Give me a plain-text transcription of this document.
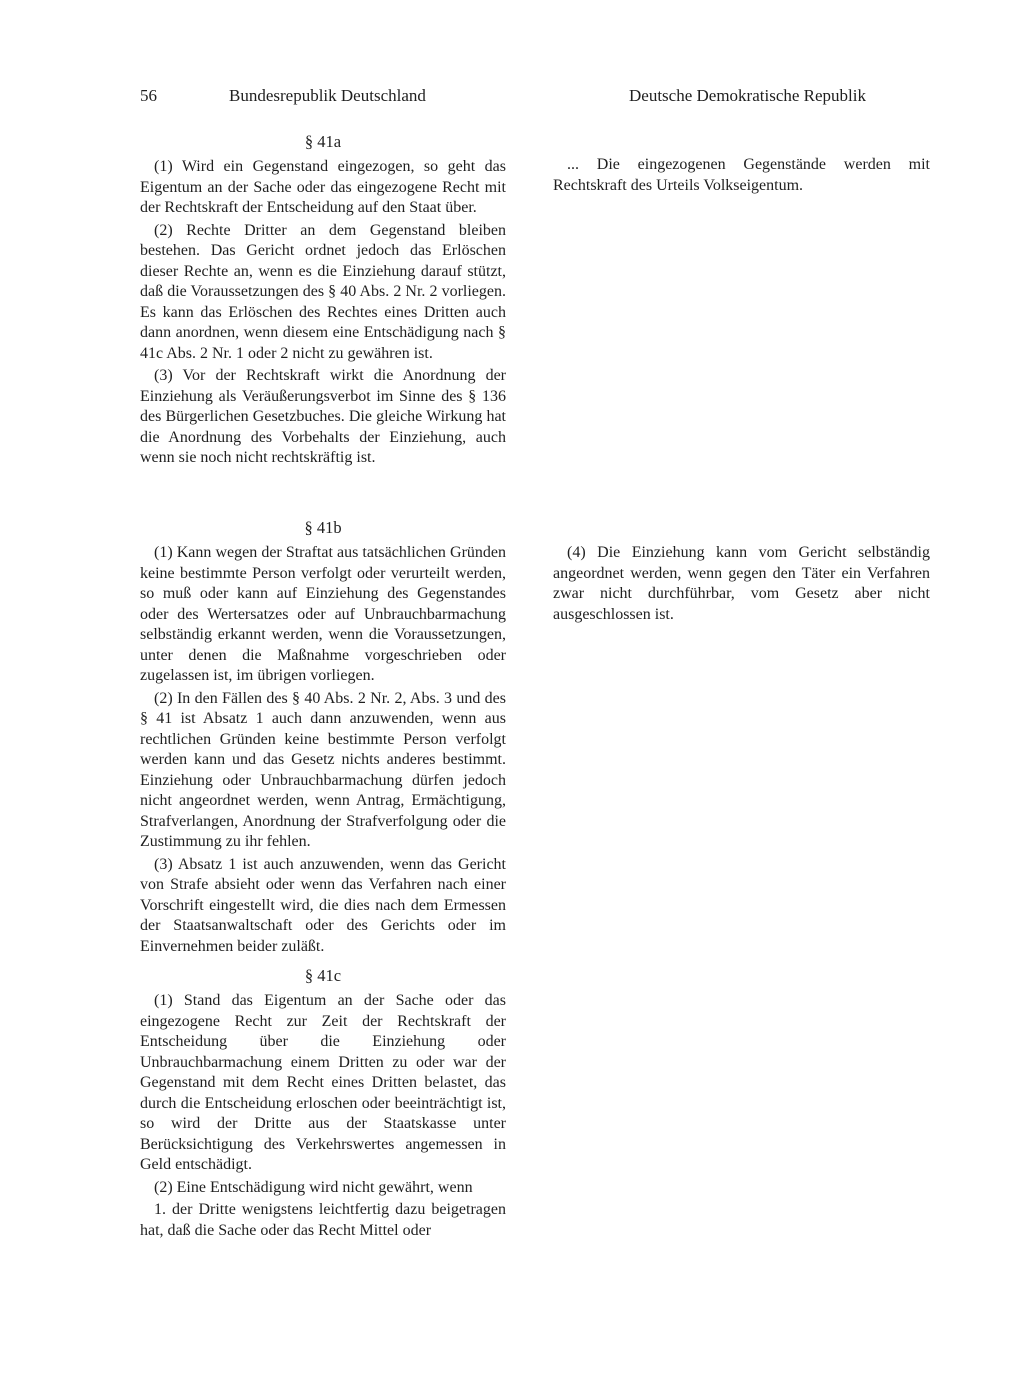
56	Bundesrepublik Deutschland	Deutsche Demokratische Republik
§ 41a

(1) Wird ein Gegenstand eingezogen, so geht das Eigentum an der Sache oder das eingezogene Recht mit der Rechtskraft der Entscheidung auf den Staat über.

(2) Rechte Dritter an dem Gegenstand bleiben bestehen. Das Gericht ordnet jedoch das Erlöschen dieser Rechte an, wenn es die Einziehung darauf stützt, daß die Voraussetzungen des § 40 Abs. 2 Nr. 2 vorliegen. Es kann das Erlöschen des Rechtes eines Dritten auch dann anordnen, wenn diesem eine Entschädigung nach § 41c Abs. 2 Nr. 1 oder 2 nicht zu gewähren ist.

(3) Vor der Rechtskraft wirkt die Anordnung der Einziehung als Veräußerungsverbot im Sinne des § 136 des Bürgerlichen Gesetzbuches. Die gleiche Wirkung hat die Anordnung des Vorbehalts der Einziehung, auch wenn sie noch nicht rechtskräftig ist.

§ 41b

(1) Kann wegen der Straftat aus tatsächlichen Gründen keine bestimmte Person verfolgt oder verurteilt werden, so muß oder kann auf Einziehung des Gegenstandes oder des Wertersatzes oder auf Unbrauchbarmachung selbständig erkannt werden, wenn die Voraussetzungen, unter denen die Maßnahme vorgeschrieben oder zugelassen ist, im übrigen vorliegen.

(2) In den Fällen des § 40 Abs. 2 Nr. 2, Abs. 3 und des § 41 ist Absatz 1 auch dann anzuwenden, wenn aus rechtlichen Gründen keine bestimmte Person verfolgt werden kann und das Gesetz nichts anderes bestimmt. Einziehung oder Unbrauchbarmachung dürfen jedoch nicht angeordnet werden, wenn Antrag, Ermächtigung, Strafverlangen, Anordnung der Strafverfolgung oder die Zustimmung zu ihr fehlen.

(3) Absatz 1 ist auch anzuwenden, wenn das Gericht von Strafe absieht oder wenn das Verfahren nach einer Vorschrift eingestellt wird, die dies nach dem Ermessen der Staatsanwaltschaft oder des Gerichts oder im Einvernehmen beider zuläßt.

§ 41c

(1) Stand das Eigentum an der Sache oder das eingezogene Recht zur Zeit der Rechtskraft der Entscheidung über die Einziehung oder Unbrauchbarmachung einem Dritten zu oder war der Gegenstand mit dem Recht eines Dritten belastet, das durch die Entscheidung erloschen oder beeinträchtigt ist, so wird der Dritte aus der Staatskasse unter Berücksichtigung des Verkehrswertes angemessen in Geld entschädigt.

(2) Eine Entschädigung wird nicht gewährt, wenn

1. der Dritte wenigstens leichtfertig dazu beigetragen hat, daß die Sache oder das Recht Mittel oder

... Die eingezogenen Gegenstände werden mit Rechtskraft des Urteils Volkseigentum.

(4) Die Einziehung kann vom Gericht selbständig angeordnet werden, wenn gegen den Täter ein Verfahren zwar nicht durchführbar, vom Gesetz aber nicht ausgeschlossen ist.
